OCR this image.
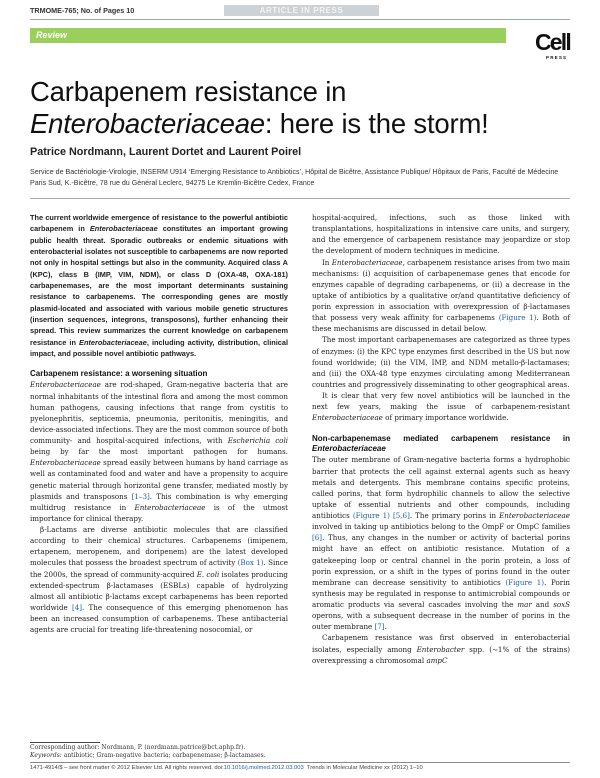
TRMOME-765; No. of Pages 10	ARTICLE IN PRESS
Review	Cell
PRESS
Carbapenem resistance in
Enterobacteriaceae: here is the storm!
Patrice Nordmann, Laurent Dortet and Laurent Poirel
Service de Bactériologie-Virologie, INSERM U914 ‘Emerging Resistance to Antibiotics’, Hôpital de Bicêtre, Assistance Publique/ Hôpitaux de Paris, Faculté de Médecine Paris Sud, K.-Bicêtre, 78 rue du Général Leclerc, 94275 Le Kremlin-Bicêtre Cedex, France

The current worldwide emergence of resistance to the powerful antibiotic carbapenem in Enterobacteriaceae constitutes an important growing public health threat. Sporadic outbreaks or endemic situations with enterobacterial isolates not susceptible to carbapenems are now reported not only in hospital settings but also in the community. Acquired class A (KPC), class B (IMP, VIM, NDM), or class D (OXA-48, OXA-181) carbapenemases, are the most important determinants sustaining resistance to carbapenems. The corresponding genes are mostly plasmid-located and associated with various mobile genetic structures (insertion sequences, integrons, transposons), further enhancing their spread. This review summarizes the current knowledge on carbapenem resistance in Enterobacteriaceae, including activity, distribution, clinical impact, and possible novel antibiotic pathways.

Carbapenem resistance: a worsening situation

Enterobacteriaceae are rod-shaped, Gram-negative bacteria that are normal inhabitants of the intestinal flora and among the most common human pathogens, causing infections that range from cystitis to pyelonephritis, septicemia, pneumonia, peritonitis, meningitis, and device-associated infections. They are the most common source of both community- and hospital-acquired infections, with Escherichia coli being by far the most important pathogen for humans. Enterobacteriaceae spread easily between humans by hand carriage as well as contaminated food and water and have a propensity to acquire genetic material through horizontal gene transfer, mediated mostly by plasmids and transposons [1–3]. This combination is why emerging multidrug resistance in Enterobacteriaceae is of the utmost importance for clinical therapy.

β-Lactams are diverse antibiotic molecules that are classified according to their chemical structures. Carbapenems (imipenem, ertapenem, meropenem, and doripenem) are the latest developed molecules that possess the broadest spectrum of activity (Box 1). Since the 2000s, the spread of community-acquired E. coli isolates producing extended-spectrum β-lactamases (ESBLs) capable of hydrolyzing almost all antibiotic β-lactams except carbapenems has been reported worldwide [4]. The consequence of this emerging phenomenon has been an increased consumption of carbapenems. These antibacterial agents are crucial for treating life-threatening nosocomial, or

hospital-acquired, infections, such as those linked with transplantations, hospitalizations in intensive care units, and surgery, and the emergence of carbapenem resistance may jeopardize or stop the development of modern techniques in medicine.

In Enterobacteriaceae, carbapenem resistance arises from two main mechanisms: (i) acquisition of carbapenemase genes that encode for enzymes capable of degrading carbapenems, or (ii) a decrease in the uptake of antibiotics by a qualitative or/and quantitative deficiency of porin expression in association with overexpression of β-lactamases that possess very weak affinity for carbapenems (Figure 1). Both of these mechanisms are discussed in detail below.

The most important carbapenemases are categorized as three types of enzymes: (i) the KPC type enzymes first described in the US but now found worldwide; (ii) the VIM, IMP, and NDM metallo-β-lactamases; and (iii) the OXA-48 type enzymes circulating among Mediterranean countries and progressively disseminating to other geographical areas.

It is clear that very few novel antibiotics will be launched in the next few years, making the issue of carbapenem-resistant Enterobacteriaceae of primary importance worldwide.

Non-carbapenemase mediated carbapenem resistance in Enterobacteriaceae

The outer membrane of Gram-negative bacteria forms a hydrophobic barrier that protects the cell against external agents such as heavy metals and detergents. This membrane contains specific proteins, called porins, that form hydrophilic channels to allow the selective uptake of essential nutrients and other compounds, including antibiotics (Figure 1) [5,6]. The primary porins in Enterobacteriaceae involved in taking up antibiotics belong to the OmpF or OmpC families [6]. Thus, any changes in the number or activity of bacterial porins might have an effect on antibiotic resistance. Mutation of a gatekeeping loop or central channel in the porin protein, a loss of porin expression, or a shift in the types of porins found in the outer membrane can decrease sensitivity to antibiotics (Figure 1). Porin synthesis may be regulated in response to antimicrobial compounds or aromatic products via several cascades involving the mar and soxS operons, with a subsequent decrease in the number of porins in the outer membrane [7].

Carbapenem resistance was first observed in enterobacterial isolates, especially among Enterobacter spp. (∼1% of the strains) overexpressing a chromosomal ampC

Corresponding author: Nordmann, P. (nordmann.patrice@bct.aphp.fr).
Keywords: antibiotic; Gram-negative bacteria; carbapenemase; β-lactamases.
1471-4914/$ – see front matter © 2012 Elsevier Ltd. All rights reserved. doi:10.1016/j.molmed.2012.03.003 Trends in Molecular Medicine xx (2012) 1–10
